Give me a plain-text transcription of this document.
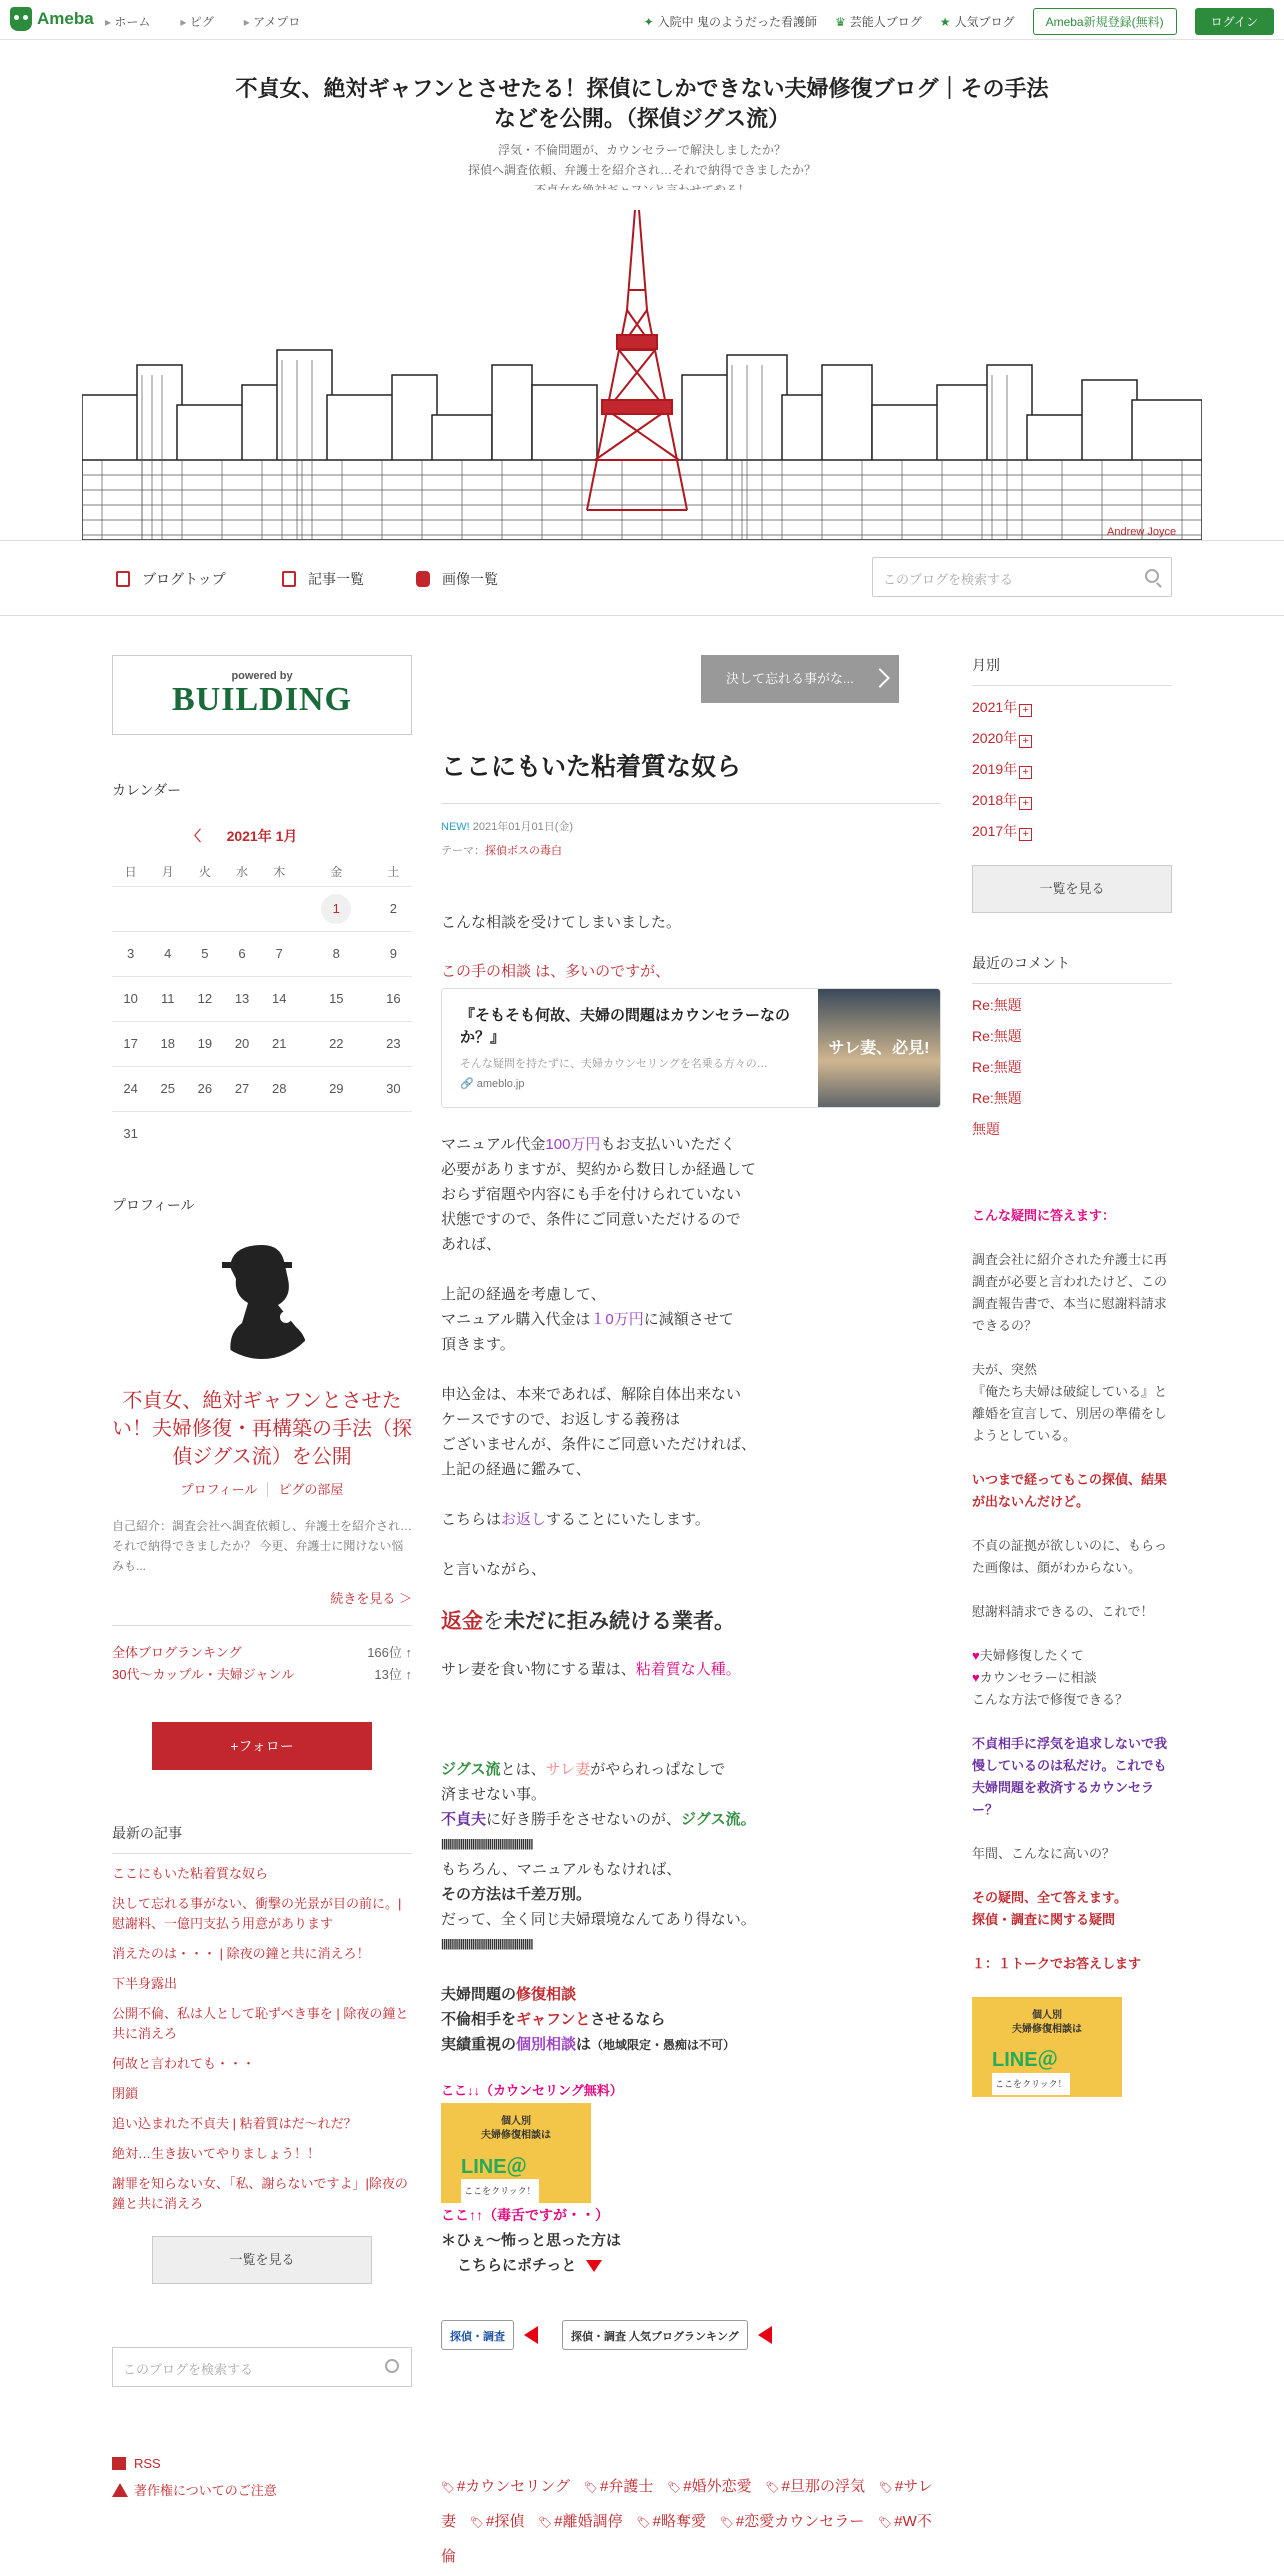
Ameba	▸ ホーム	▸ ピグ	▸ アメプロ	✦ 入院中 鬼のようだった看護師 ♛ 芸能人ブログ ★ 人気ブログ	Ameba新規登録(無料)	ログイン
不貞女、絶対ギャフンとさせたる！探偵にしかできない夫婦修復ブログ｜その手法などを公開。（探偵ジグス流）
浮気・不倫問題が、カウンセラーで解決しましたか？
探偵へ調査依頼、弁護士を紹介され…それで納得できましたか？

Andrew Joyce
ブログトップ	記事一覧	画像一覧	このブログを検索する
powered by
BUILDING
カレンダー
〈 2021年 1月
日	月	火	水	木	金	土
					1	2
3	4	5	6	7	8	9
10	11	12	13	14	15	16
17	18	19	20	21	22	23
24	25	26	27	28	29	30
31						
プロフィール
不貞女、絶対ギャフンとさせたい！夫婦修復・再構築の手法（探偵ジグス流）を公開
プロフィール ピグの部屋
自己紹介：調査会社へ調査依頼し、弁護士を紹介され…それで納得できましたか？ 今更、弁護士に聞けない悩みも...
続きを見る ＞
全体ブログランキング	166位 ↑
30代〜カップル・夫婦ジャンル	13位 ↑
+フォロー
最新の記事
ここにもいた粘着質な奴ら
決して忘れる事がない、衝撃の光景が目の前に。|慰謝料、一億円支払う用意があります
消えたのは・・・ | 除夜の鐘と共に消えろ！
下半身露出
公開不倫、私は人として恥ずべき事を | 除夜の鐘と共に消えろ
何故と言われても・・・
閉鎖
追い込まれた不貞夫 | 粘着質はだ〜れだ？
絶対…生き抜いてやりましょう！！
謝罪を知らない女、「私、謝らないですよ」|除夜の鐘と共に消えろ
一覧を見る
このブログを検索する
RSS
著作権についてのご注意
決して忘れる事がな...
ここにもいた粘着質な奴ら
NEW! 2021年01月01日(金)
テーマ：探偵ボスの毒白
こんな相談を受けてしまいました。
この手の相談 は、多いのですが、
『そもそも何故、夫婦の問題はカウンセラーなのか？』
そんな疑問を持たずに、夫婦カウンセリングを名乗る方々の…
🔗 ameblo.jp
サレ妻、必見!
マニュアル代金100万円もお支払いいただく
必要がありますが、契約から数日しか経過して
おらず宿題や内容にも手を付けられていない
状態ですので、条件にご同意いただけるので
あれば、
上記の経過を考慮して、
マニュアル購入代金は１0万円に減額させて
頂きます。
申込金は、本来であれば、解除自体出来ない
ケースですので、お返しする義務は
ございませんが、条件にご同意いただければ、
上記の経過に鑑みて、
こちらはお返しすることにいたします。
と言いながら、
返金を未だに拒み続ける業者。
サレ妻を食い物にする輩は、粘着質な人種。
ジグス流とは、サレ妻がやられっぱなしで
済ませない事。
不貞夫に好き勝手をさせないのが、ジグス流。
||||||||||||||||||||||||||||||||||||||||||||
もちろん、マニュアルもなければ、
その方法は千差万別。
だって、全く同じ夫婦環境なんてあり得ない。
||||||||||||||||||||||||||||||||||||||||||||
夫婦問題の修復相談
不倫相手をギャフンとさせるなら
実績重視の個別相談は（地域限定・愚痴は不可）
ここ↓↓（カウンセリング無料）
個人別
夫婦修復相談は
LINE＠
ここをクリック！
ここ↑↑（毒舌ですが・・）
＊ひぇ～怖っと思った方は
こちらにポチっと
探偵・調査	探偵・調査 人気ブログランキング
🏷 #カウンセリング 🏷 #弁護士 🏷 #婚外恋愛 🏷 #旦那の浮気 🏷 #サレ妻 🏷 #探偵 🏷 #離婚調停 🏷 #略奪愛 🏷 #恋愛カウンセラー 🏷 #W不倫
月別
2021年 +
2020年 +
2019年 +
2018年 +
2017年 +
一覧を見る
最近のコメント
Re:無題
Re:無題
Re:無題
Re:無題
無題

こんな疑問に答えます：

調査会社に紹介された弁護士に再調査が必要と言われたけど、この調査報告書で、本当に慰謝料請求できるの？

夫が、突然
『俺たち夫婦は破綻している』と離婚を宣言して、別居の準備をしようとしている。

いつまで経ってもこの探偵、結果が出ないんだけど。

不貞の証拠が欲しいのに、もらった画像は、顔がわからない。

慰謝料請求できるの、これで！

♥夫婦修復したくて
♥カウンセラーに相談
こんな方法で修復できる？

不貞相手に浮気を追求しないで我慢しているのは私だけ。これでも夫婦問題を救済するカウンセラー？

年間、こんなに高いの？

その疑問、全て答えます。
探偵・調査に関する疑問

１：１トークでお答えします

個人別
夫婦修復相談は
LINE＠
ここをクリック！
